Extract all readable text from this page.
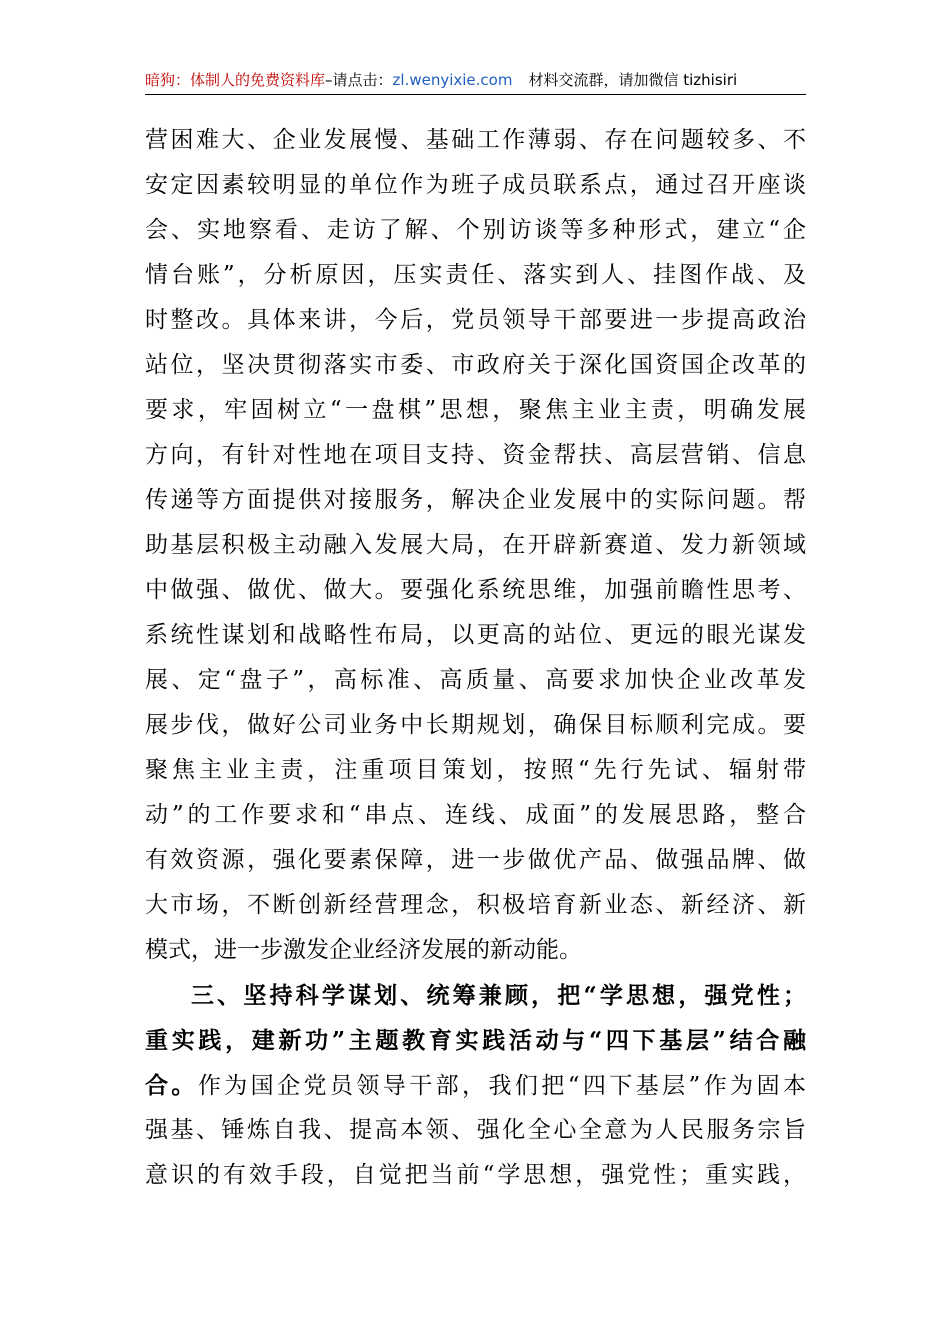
暗狗：体制人的免费资料库–请点击：zl.wenyixie.com 材料交流群，请加微信 tizhisiri
营困难大、企业发展慢、基础工作薄弱、存在问题较多、不
安定因素较明显的单位作为班子成员联系点，通过召开座谈
会、实地察看、走访了解、个别访谈等多种形式，建立“企
情台账”，分析原因，压实责任、落实到人、挂图作战、及
时整改。具体来讲，今后，党员领导干部要进一步提高政治
站位，坚决贯彻落实市委、市政府关于深化国资国企改革的
要求，牢固树立“一盘棋”思想，聚焦主业主责，明确发展
方向，有针对性地在项目支持、资金帮扶、高层营销、信息
传递等方面提供对接服务，解决企业发展中的实际问题。帮
助基层积极主动融入发展大局，在开辟新赛道、发力新领域
中做强、做优、做大。要强化系统思维，加强前瞻性思考、
系统性谋划和战略性布局，以更高的站位、更远的眼光谋发
展、定“盘子”，高标准、高质量、高要求加快企业改革发
展步伐，做好公司业务中长期规划，确保目标顺利完成。要
聚焦主业主责，注重项目策划，按照“先行先试、辐射带
动”的工作要求和“串点、连线、成面”的发展思路，整合
有效资源，强化要素保障，进一步做优产品、做强品牌、做
大市场，不断创新经营理念，积极培育新业态、新经济、新
模式，进一步激发企业经济发展的新动能。
三、坚持科学谋划、统筹兼顾，把“学思想，强党性；
重实践，建新功”主题教育实践活动与“四下基层”结合融
合。作为国企党员领导干部，我们把“四下基层”作为固本
强基、锤炼自我、提高本领、强化全心全意为人民服务宗旨
意识的有效手段，自觉把当前“学思想，强党性；重实践，
